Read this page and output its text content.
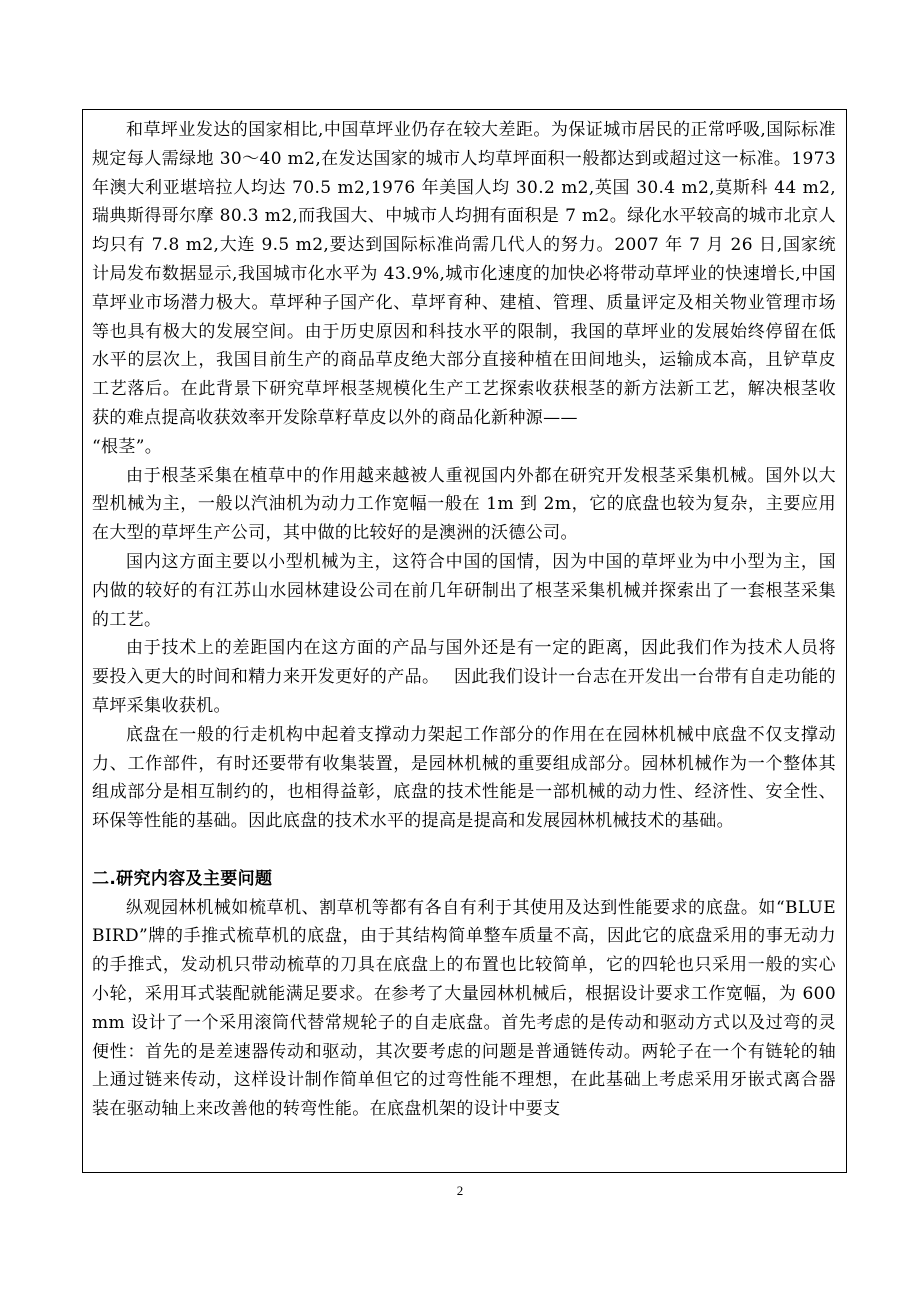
和草坪业发达的国家相比,中国草坪业仍存在较大差距。为保证城市居民的正常呼吸,国际标准规定每人需绿地 30～40 m2,在发达国家的城市人均草坪面积一般都达到或超过这一标准。1973 年澳大利亚堪培拉人均达 70.5 m2,1976 年美国人均 30.2 m2,英国 30.4 m2,莫斯科 44 m2,瑞典斯得哥尔摩 80.3 m2,而我国大、中城市人均拥有面积是 7 m2。绿化水平较高的城市北京人均只有 7.8 m2,大连 9.5 m2,要达到国际标准尚需几代人的努力。2007 年 7 月 26 日,国家统计局发布数据显示,我国城市化水平为 43.9%,城市化速度的加快必将带动草坪业的快速增长,中国草坪业市场潜力极大。草坪种子国产化、草坪育种、建植、管理、质量评定及相关物业管理市场等也具有极大的发展空间。由于历史原因和科技水平的限制，我国的草坪业的发展始终停留在低水平的层次上，我国目前生产的商品草皮绝大部分直接种植在田间地头，运输成本高，且铲草皮工艺落后。在此背景下研究草坪根茎规模化生产工艺探索收获根茎的新方法新工艺，解决根茎收获的难点提高收获效率开发除草籽草皮以外的商品化新种源——

“根茎”。

由于根茎采集在植草中的作用越来越被人重视国内外都在研究开发根茎采集机械。国外以大型机械为主，一般以汽油机为动力工作宽幅一般在 1m 到 2m，它的底盘也较为复杂，主要应用在大型的草坪生产公司，其中做的比较好的是澳洲的沃德公司。

国内这方面主要以小型机械为主，这符合中国的国情，因为中国的草坪业为中小型为主，国内做的较好的有江苏山水园林建设公司在前几年研制出了根茎采集机械并探索出了一套根茎采集的工艺。

由于技术上的差距国内在这方面的产品与国外还是有一定的距离，因此我们作为技术人员将要投入更大的时间和精力来开发更好的产品。　 因此我们设计一台志在开发出一台带有自走功能的草坪采集收获机。

底盘在一般的行走机构中起着支撑动力架起工作部分的作用在在园林机械中底盘不仅支撑动力、工作部件，有时还要带有收集装置，是园林机械的重要组成部分。园林机械作为一个整体其组成部分是相互制约的，也相得益彰，底盘的技术性能是一部机械的动力性、经济性、安全性、环保等性能的基础。因此底盘的技术水平的提高是提高和发展园林机械技术的基础。

二.研究内容及主要问题

纵观园林机械如梳草机、割草机等都有各自有利于其使用及达到性能要求的底盘。如“BLUE BIRD”牌的手推式梳草机的底盘，由于其结构简单整车质量不高，因此它的底盘采用的事无动力的手推式，发动机只带动梳草的刀具在底盘上的布置也比较简单，它的四轮也只采用一般的实心小轮，采用耳式装配就能满足要求。在参考了大量园林机械后，根据设计要求工作宽幅，为 600mm 设计了一个采用滚筒代替常规轮子的自走底盘。首先考虑的是传动和驱动方式以及过弯的灵便性：首先的是差速器传动和驱动，其次要考虑的问题是普通链传动。两轮子在一个有链轮的轴上通过链来传动，这样设计制作简单但它的过弯性能不理想，在此基础上考虑采用牙嵌式离合器装在驱动轴上来改善他的转弯性能。在底盘机架的设计中要支

2
